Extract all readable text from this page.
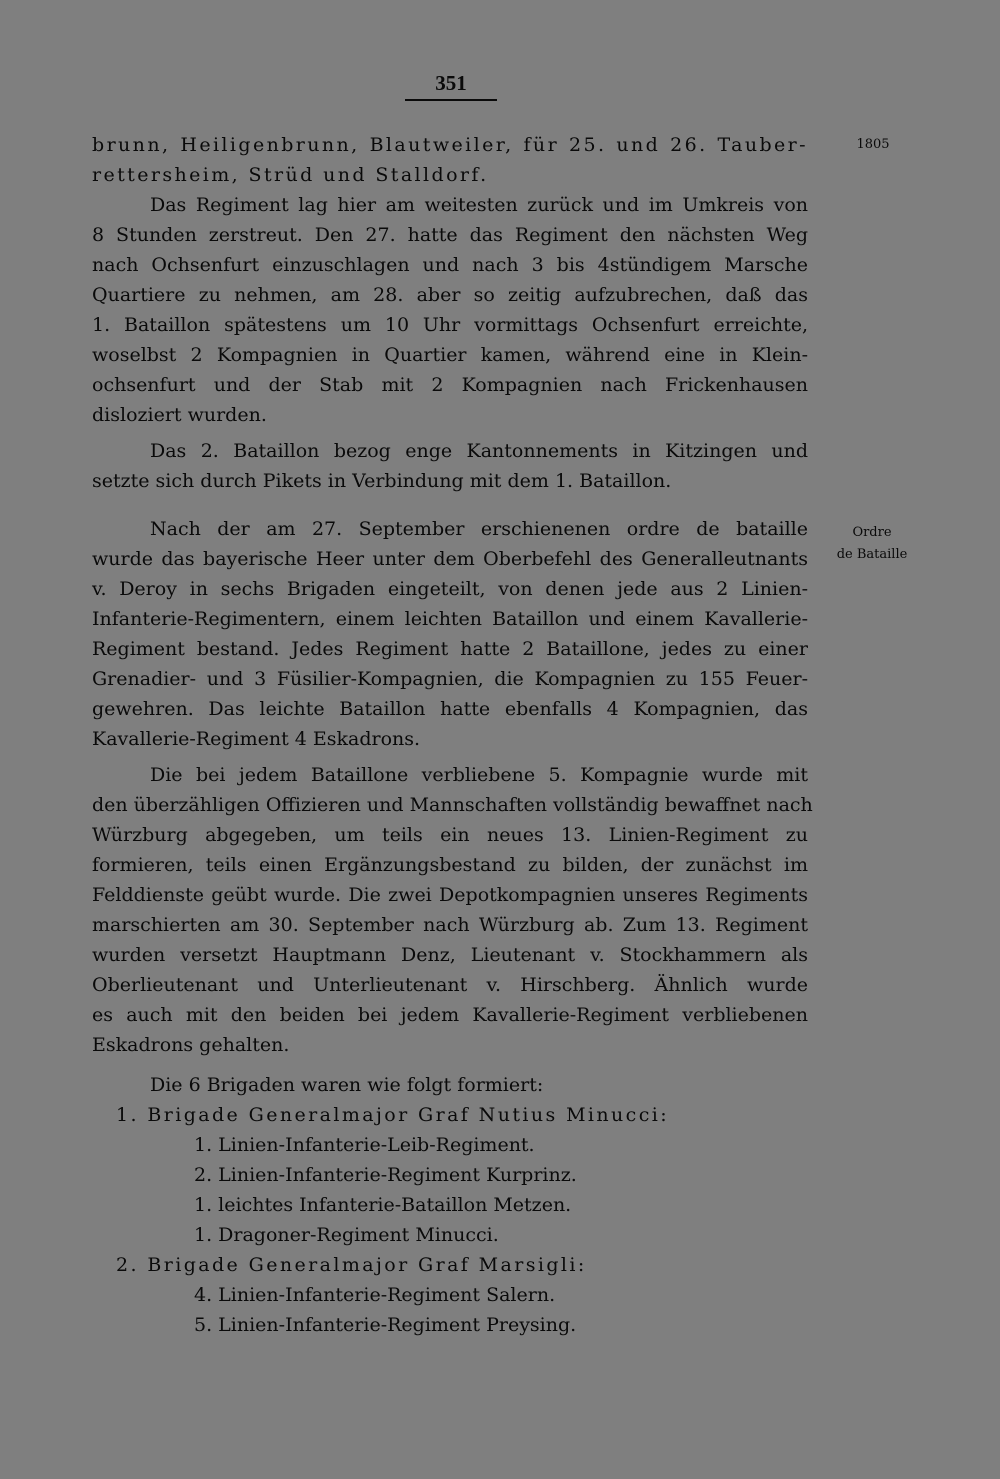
351
1805
Ordre
de Bataille
brunn, Heiligenbrunn, Blautweiler, für 25. und 26. Tauber-
rettersheim, Strüd und Stalldorf.
Das Regiment lag hier am weitesten zurück und im Umkreis von
8 Stunden zerstreut. Den 27. hatte das Regiment den nächsten Weg
nach Ochsenfurt einzuschlagen und nach 3 bis 4stündigem Marsche
Quartiere zu nehmen, am 28. aber so zeitig aufzubrechen, daß das
1. Bataillon spätestens um 10 Uhr vormittags Ochsenfurt erreichte,
woselbst 2 Kompagnien in Quartier kamen, während eine in Klein-
ochsenfurt und der Stab mit 2 Kompagnien nach Frickenhausen
disloziert wurden.
Das 2. Bataillon bezog enge Kantonnements in Kitzingen und
setzte sich durch Pikets in Verbindung mit dem 1. Bataillon.
Nach der am 27. September erschienenen ordre de bataille
wurde das bayerische Heer unter dem Oberbefehl des Generalleutnants
v. Deroy in sechs Brigaden eingeteilt, von denen jede aus 2 Linien-
Infanterie-Regimentern, einem leichten Bataillon und einem Kavallerie-
Regiment bestand. Jedes Regiment hatte 2 Bataillone, jedes zu einer
Grenadier- und 3 Füsilier-Kompagnien, die Kompagnien zu 155 Feuer-
gewehren. Das leichte Bataillon hatte ebenfalls 4 Kompagnien, das
Kavallerie-Regiment 4 Eskadrons.
Die bei jedem Bataillone verbliebene 5. Kompagnie wurde mit
den überzähligen Offizieren und Mannschaften vollständig bewaffnet nach
Würzburg abgegeben, um teils ein neues 13. Linien-Regiment zu
formieren, teils einen Ergänzungsbestand zu bilden, der zunächst im
Felddienste geübt wurde. Die zwei Depotkompagnien unseres Regiments
marschierten am 30. September nach Würzburg ab. Zum 13. Regiment
wurden versetzt Hauptmann Denz, Lieutenant v. Stockhammern als
Oberlieutenant und Unterlieutenant v. Hirschberg. Ähnlich wurde
es auch mit den beiden bei jedem Kavallerie-Regiment verbliebenen
Eskadrons gehalten.
Die 6 Brigaden waren wie folgt formiert:
1. Brigade Generalmajor Graf Nutius Minucci:
1. Linien-Infanterie-Leib-Regiment.
2. Linien-Infanterie-Regiment Kurprinz.
1. leichtes Infanterie-Bataillon Metzen.
1. Dragoner-Regiment Minucci.
2. Brigade Generalmajor Graf Marsigli:
4. Linien-Infanterie-Regiment Salern.
5. Linien-Infanterie-Regiment Preysing.
